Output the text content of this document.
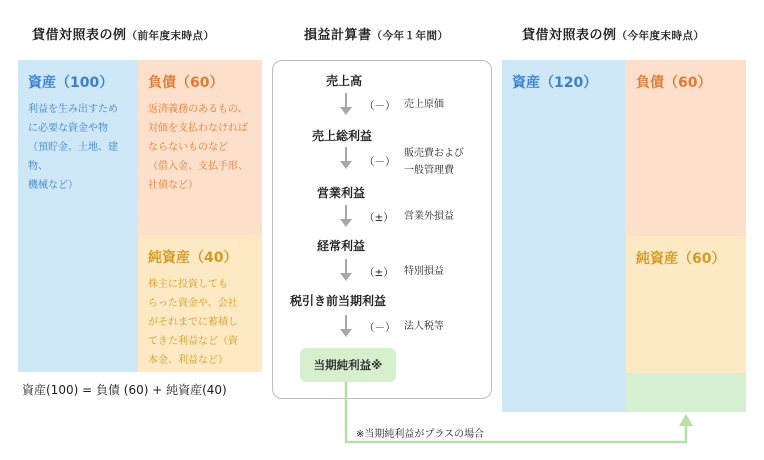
貸借対照表の例（前年度末時点）
資産（100）
利益を生み出すため
に必要な資金や物
（預貯金、土地、建物、
機械など）
負債（60）
返済義務のあるもの、
対価を支払わなければ
ならないものなど
（借入金、支払手形、
社債など）
純資産（40）
株主に投資しても
らった資金や、会社
がそれまでに蓄積し
てきた利益など（資
本金、利益など）
資産(100) = 負債 (60) + 純資産(40)
損益計算書（今年１年間）
売上高
（－） 売上原価
売上総利益
（－）
販売費および
一般管理費
営業利益
（±） 営業外損益
経常利益
（±） 特別損益
税引き前当期利益
（－） 法人税等
当期純利益※
貸借対照表の例（今年度末時点）
資産（120）	負債（60）
純資産（60）
※当期純利益がプラスの場合
